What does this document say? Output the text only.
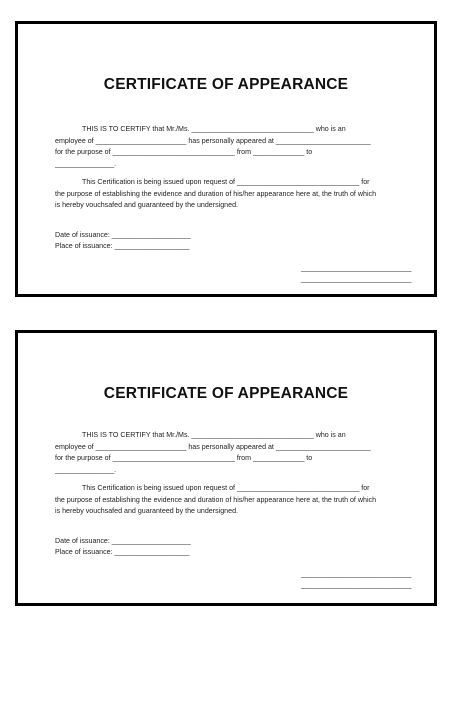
CERTIFICATE OF APPEARANCE
THIS IS TO CERTIFY that Mr./Ms. _______________________________ who is an
employee of _______________________ has personally appeared at ________________________
for the purpose of _______________________________ from _____________ to
_______________.
This Certification is being issued upon request of _______________________________ for
the purpose of establishing the evidence and duration of his/her appearance here at, the truth of which
is hereby vouchsafed and guaranteed by the undersigned.
Date of issuance: ____________________
Place of issuance: ___________________
____________________________
____________________________
CERTIFICATE OF APPEARANCE
THIS IS TO CERTIFY that Mr./Ms. _______________________________ who is an
employee of _______________________ has personally appeared at ________________________
for the purpose of _______________________________ from _____________ to
_______________.
This Certification is being issued upon request of _______________________________ for
the purpose of establishing the evidence and duration of his/her appearance here at, the truth of which
is hereby vouchsafed and guaranteed by the undersigned.
Date of issuance: ____________________
Place of issuance: ___________________
____________________________
____________________________
